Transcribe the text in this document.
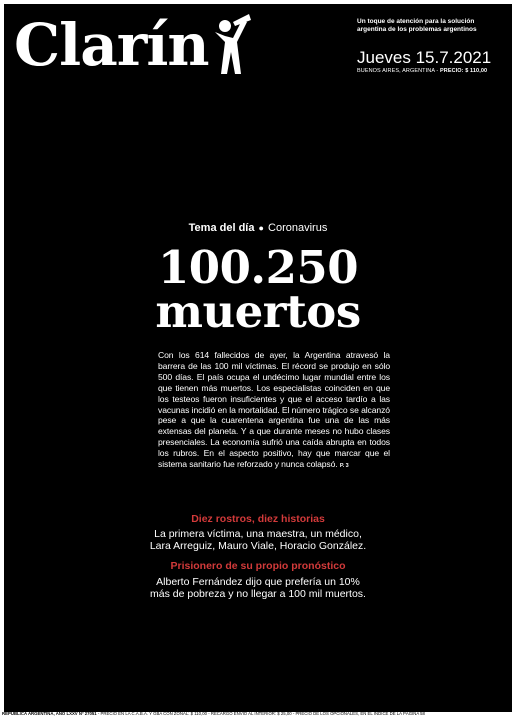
Clarín	Un toque de atención para la solución argentina de los problemas argentinos
Jueves 15.7.2021
BUENOS AIRES, ARGENTINA - PRECIO: $ 110,00
Tema del día ● Coronavirus
100.250
muertos
Con los 614 fallecidos de ayer, la Argentina atravesó la barrera de las 100 mil víctimas. El récord se produjo en sólo 500 días. El país ocupa el undécimo lugar mundial entre los que tienen más muertos. Los especialistas coinciden en que los testeos fueron insuficientes y que el acceso tardío a las vacunas incidió en la mortalidad. El número trágico se alcanzó pese a que la cuarentena argentina fue una de las más extensas del planeta. Y a que durante meses no hubo clases presenciales. La economía sufrió una caída abrupta en todos los rubros. En el aspecto positivo, hay que marcar que el sistema sanitario fue reforzado y nunca colapsó. P. 3
Diez rostros, diez historias
La primera víctima, una maestra, un médico,
Lara Arreguiz, Mauro Viale, Horacio González.
Prisionero de su propio pronóstico
Alberto Fernández dijo que prefería un 10%
más de pobreza y no llegar a 100 mil muertos.
REPUBLICA ARGENTINA, AÑO LXXV Nº 27051 - PRECIO EN LA C.A.B.A. Y GBA CON ZONAL: $ 110,00 - RECARGO ENVÍO AL INTERIOR: $ 25,00 - PRECIO DE LOS OPCIONALES, EN EL ÍNDICE DE LA PÁGINA 58
